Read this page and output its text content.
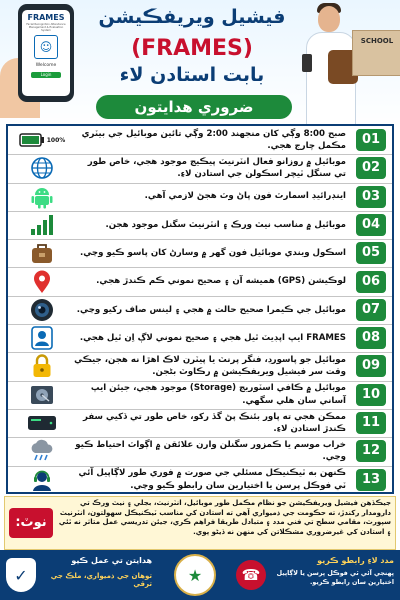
FRAMES
Facial Recognition Attendance Management & Evaluation System
☺
Welcome
Login
فيشيل ويريفڪيشن
(FRAMES)
بابت استادن لاء
ضروري هدايتون
SCHOOL
100%
صبح 8:00 وڳي کان منجهند 2:00 وڳي تائين موبائيل جي بيٽري مڪمل چارج هجي.	01
موبائيل ۾ روزانو فعال انٽرنيٽ پيڪيج موجود هجي، خاص طور تي سنگل ٽيچر اسڪولن جي استادن لاءِ.	02
اينڊرائيڊ اسمارٽ فون پاڻ وٽ هجڻ لازمي آهي.	03
موبائيل ۾ مناسب نيٽ ورڪ ۽ انٽرنيٽ سگنل موجود هجن.	04
اسڪول ويندي موبائيل فون گهر ۾ وسارڻ کان پاسو ڪيو وڃي.	05
لوڪيشن (GPS) هميشه آن ۽ صحيح نموني ڪم ڪندڙ هجي.	06
موبائيل جي ڪيمرا صحيح حالت ۾ هجي ۽ لينس صاف رکيو وڃي.	07
FRAMES ايپ اپڊيٽ ٿيل هجي ۽ صحيح نموني لاڳ اِن ٿيل هجي.	08
موبائيل جو پاسورڊ، فنگر پرنٽ يا پيٽرن لاڪ اهڙا نه هجن، جيڪي وقت سر فيشيل ويريفڪيشن ۾ رڪاوٽ بڻجن.	09
موبائيل ۾ ڪافي اسٽوريج (Storage) موجود هجي، جيئن ايپ آساني سان هلي سگهي.	10
ممڪن هجي ته پاور بئنڪ پڻ گڏ رکو، خاص طور تي ڏکيي سفر ڪندڙ استادن لاءِ.	11
خراب موسم يا ڪمزور سگنلن وارن علائقن ۾ اڳواٽ احتياط ڪيو وڃي.	12
ڪنهن به ٽيڪنيڪل مسئلي جي صورت ۾ فوري طور لاڳاپيل آئي ٽي فوڪل پرسن يا اختيارين سان رابطو ڪيو وڃي.	13
نوٽ:
جيڪڏهن فيشيل ويريفڪيشن جو نظام مڪمل طور موبائيل، انٽرنيٽ، بجلي ۽ نيٽ ورڪ تي دارومدار رکندڙ، ته حڪومت جي ذميواري آهي ته استادن کي مناسب ٽيڪنيڪل سهولتون، انٽرنيٽ سپورٽ، مقامي سطح تي فني مدد ۽ متبادل طريقا فراهم ڪري، جيئن تدريسي عمل متاثر نه ٿئي ۽ استادن کي غيرضروري مشڪلاتن کي منهن نه ڏيڻو پوي.
✓
هدايتن تي عمل ڪيو
توهان جي ذميواري، ملڪ جي ترقي	★	☎
مدد لاءِ رابطو ڪريو
پهنجي آئي ٽي فوڪل پرسن يا لاڳاپيل اختيارين سان رابطو ڪريو.
